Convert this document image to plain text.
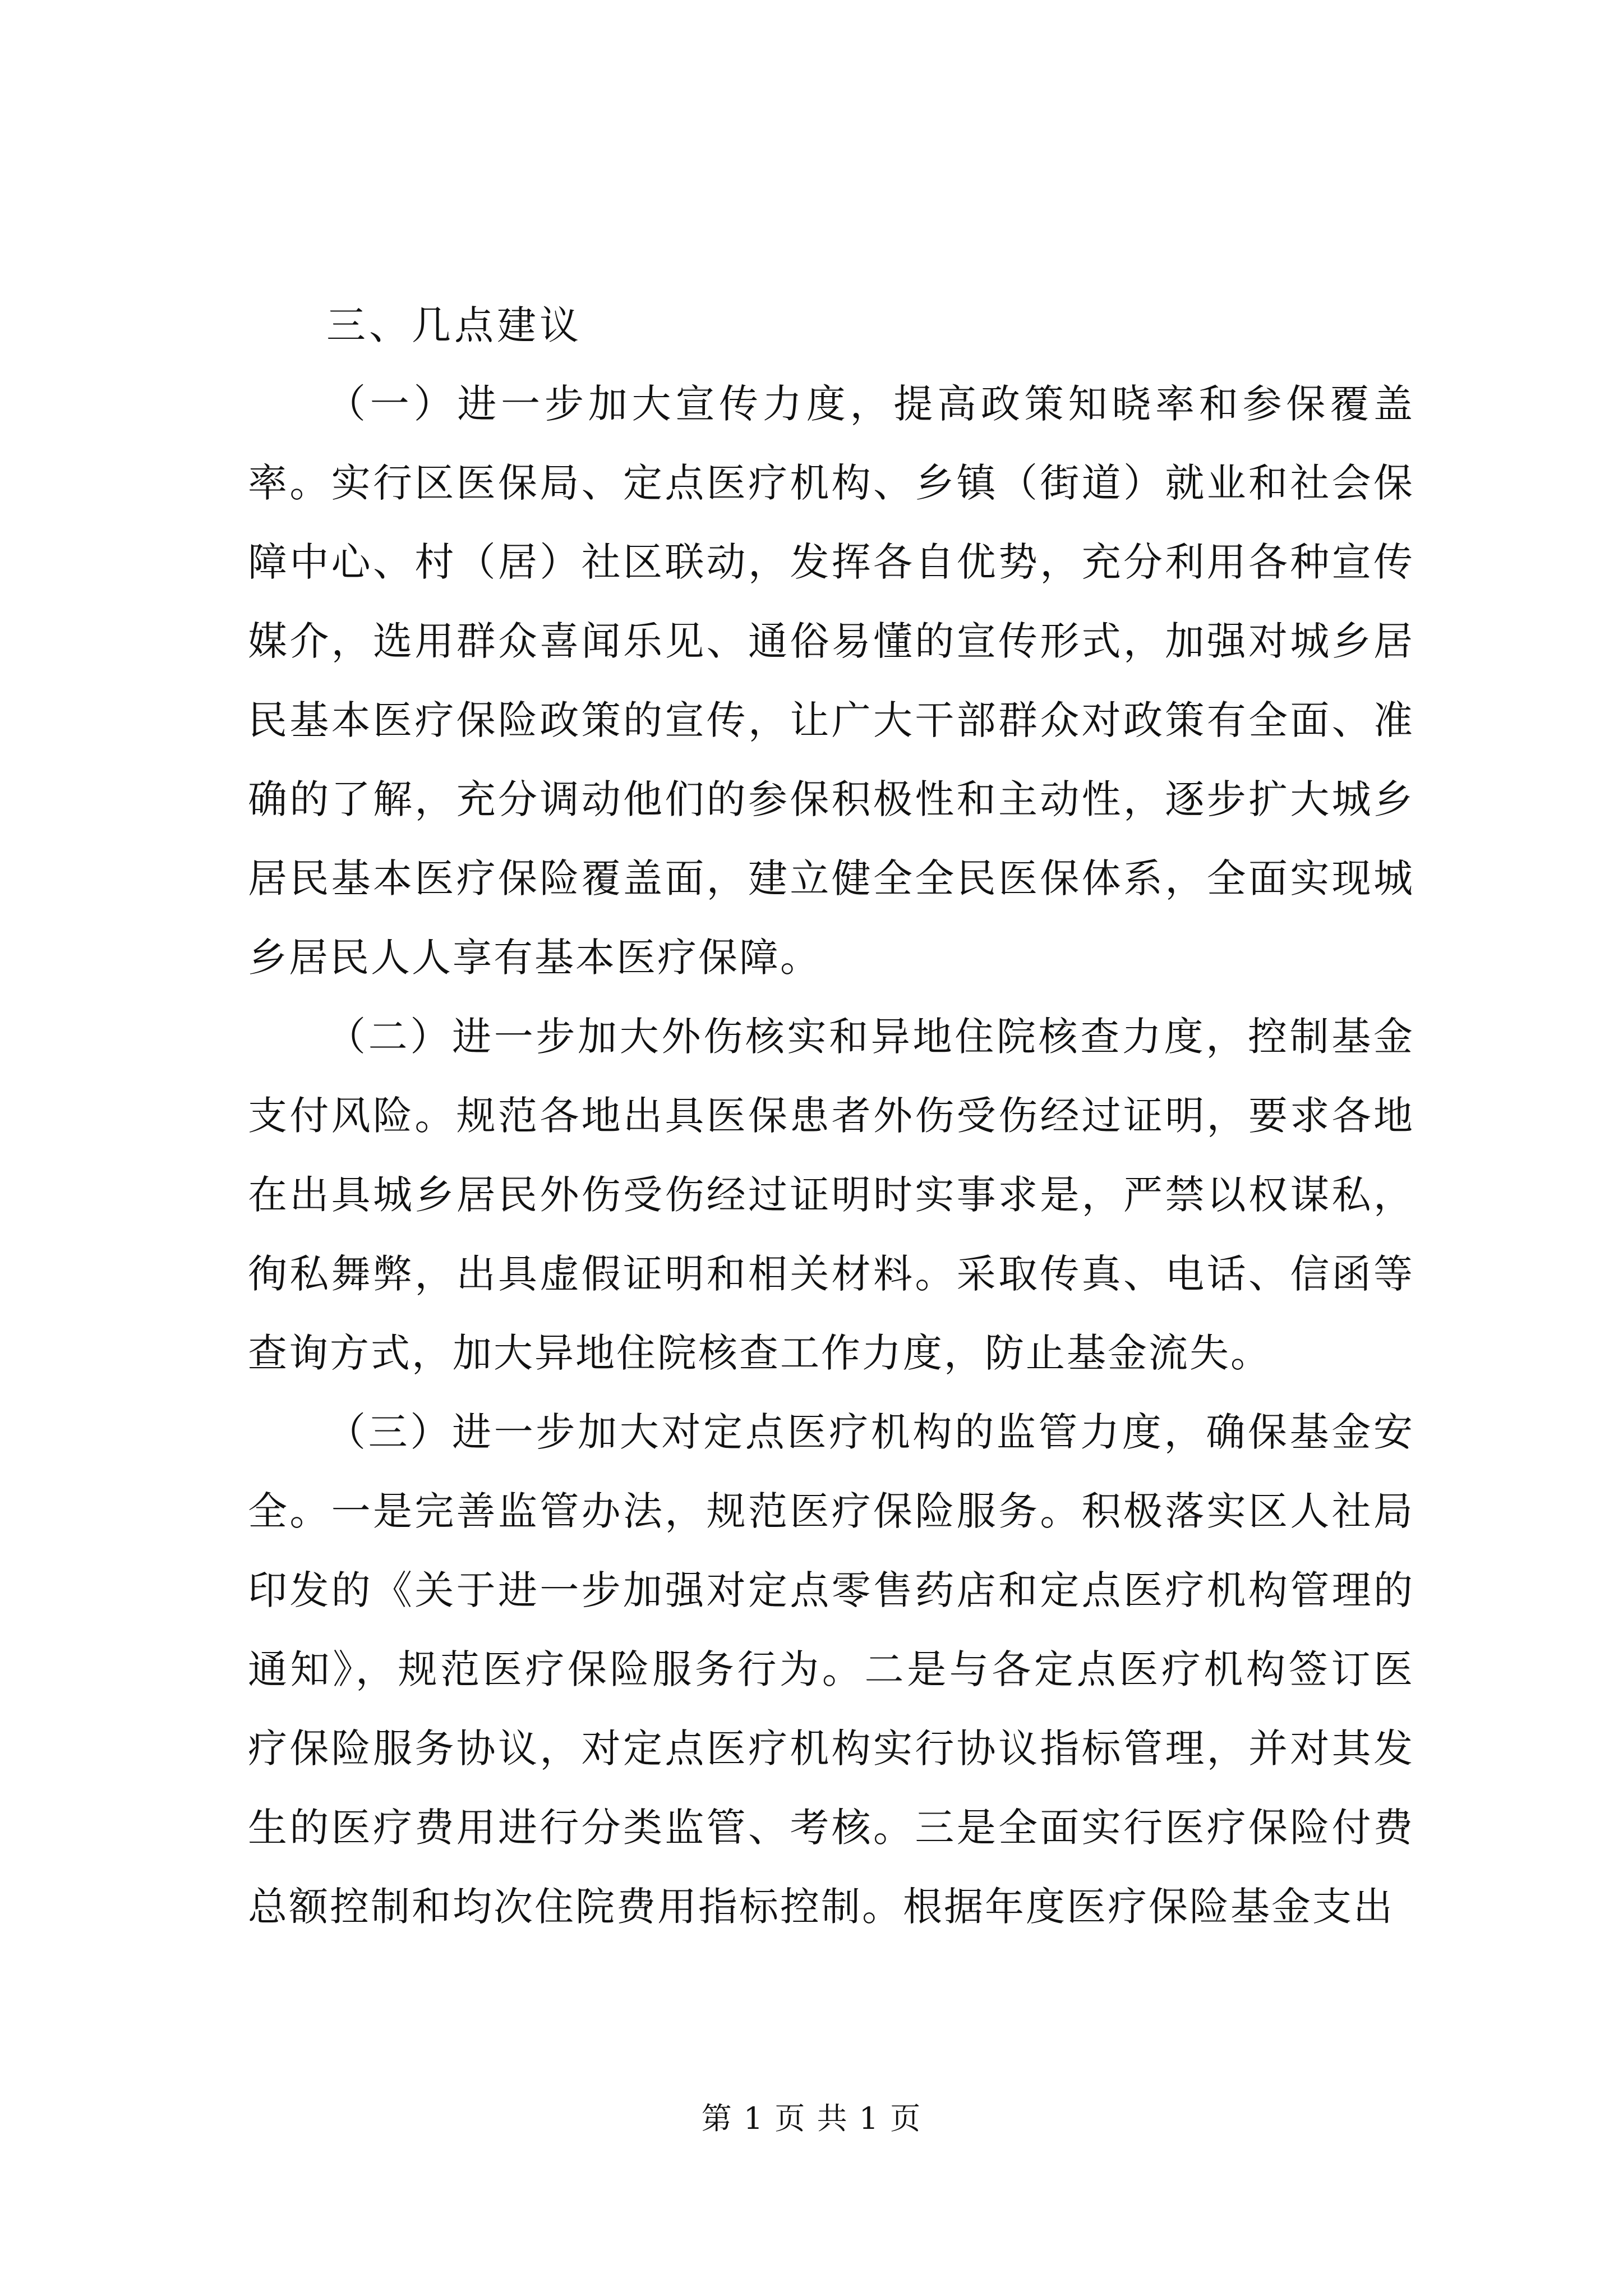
三、几点建议

（一）进一步加大宣传力度，提高政策知晓率和参保覆盖率。实行区医保局、定点医疗机构、乡镇（街道）就业和社会保障中心、村（居）社区联动，发挥各自优势，充分利用各种宣传媒介，选用群众喜闻乐见、通俗易懂的宣传形式，加强对城乡居民基本医疗保险政策的宣传，让广大干部群众对政策有全面、准确的了解，充分调动他们的参保积极性和主动性，逐步扩大城乡居民基本医疗保险覆盖面，建立健全全民医保体系，全面实现城乡居民人人享有基本医疗保障。

（二）进一步加大外伤核实和异地住院核查力度，控制基金支付风险。规范各地出具医保患者外伤受伤经过证明，要求各地在出具城乡居民外伤受伤经过证明时实事求是，严禁以权谋私，徇私舞弊，出具虚假证明和相关材料。采取传真、电话、信函等查询方式，加大异地住院核查工作力度，防止基金流失。

（三）进一步加大对定点医疗机构的监管力度，确保基金安全。一是完善监管办法，规范医疗保险服务。积极落实区人社局印发的《关于进一步加强对定点零售药店和定点医疗机构管理的通知》，规范医疗保险服务行为。二是与各定点医疗机构签订医疗保险服务协议，对定点医疗机构实行协议指标管理，并对其发生的医疗费用进行分类监管、考核。三是全面实行医疗保险付费总额控制和均次住院费用指标控制。根据年度医疗保险基金支出

第 1 页 共 1 页
